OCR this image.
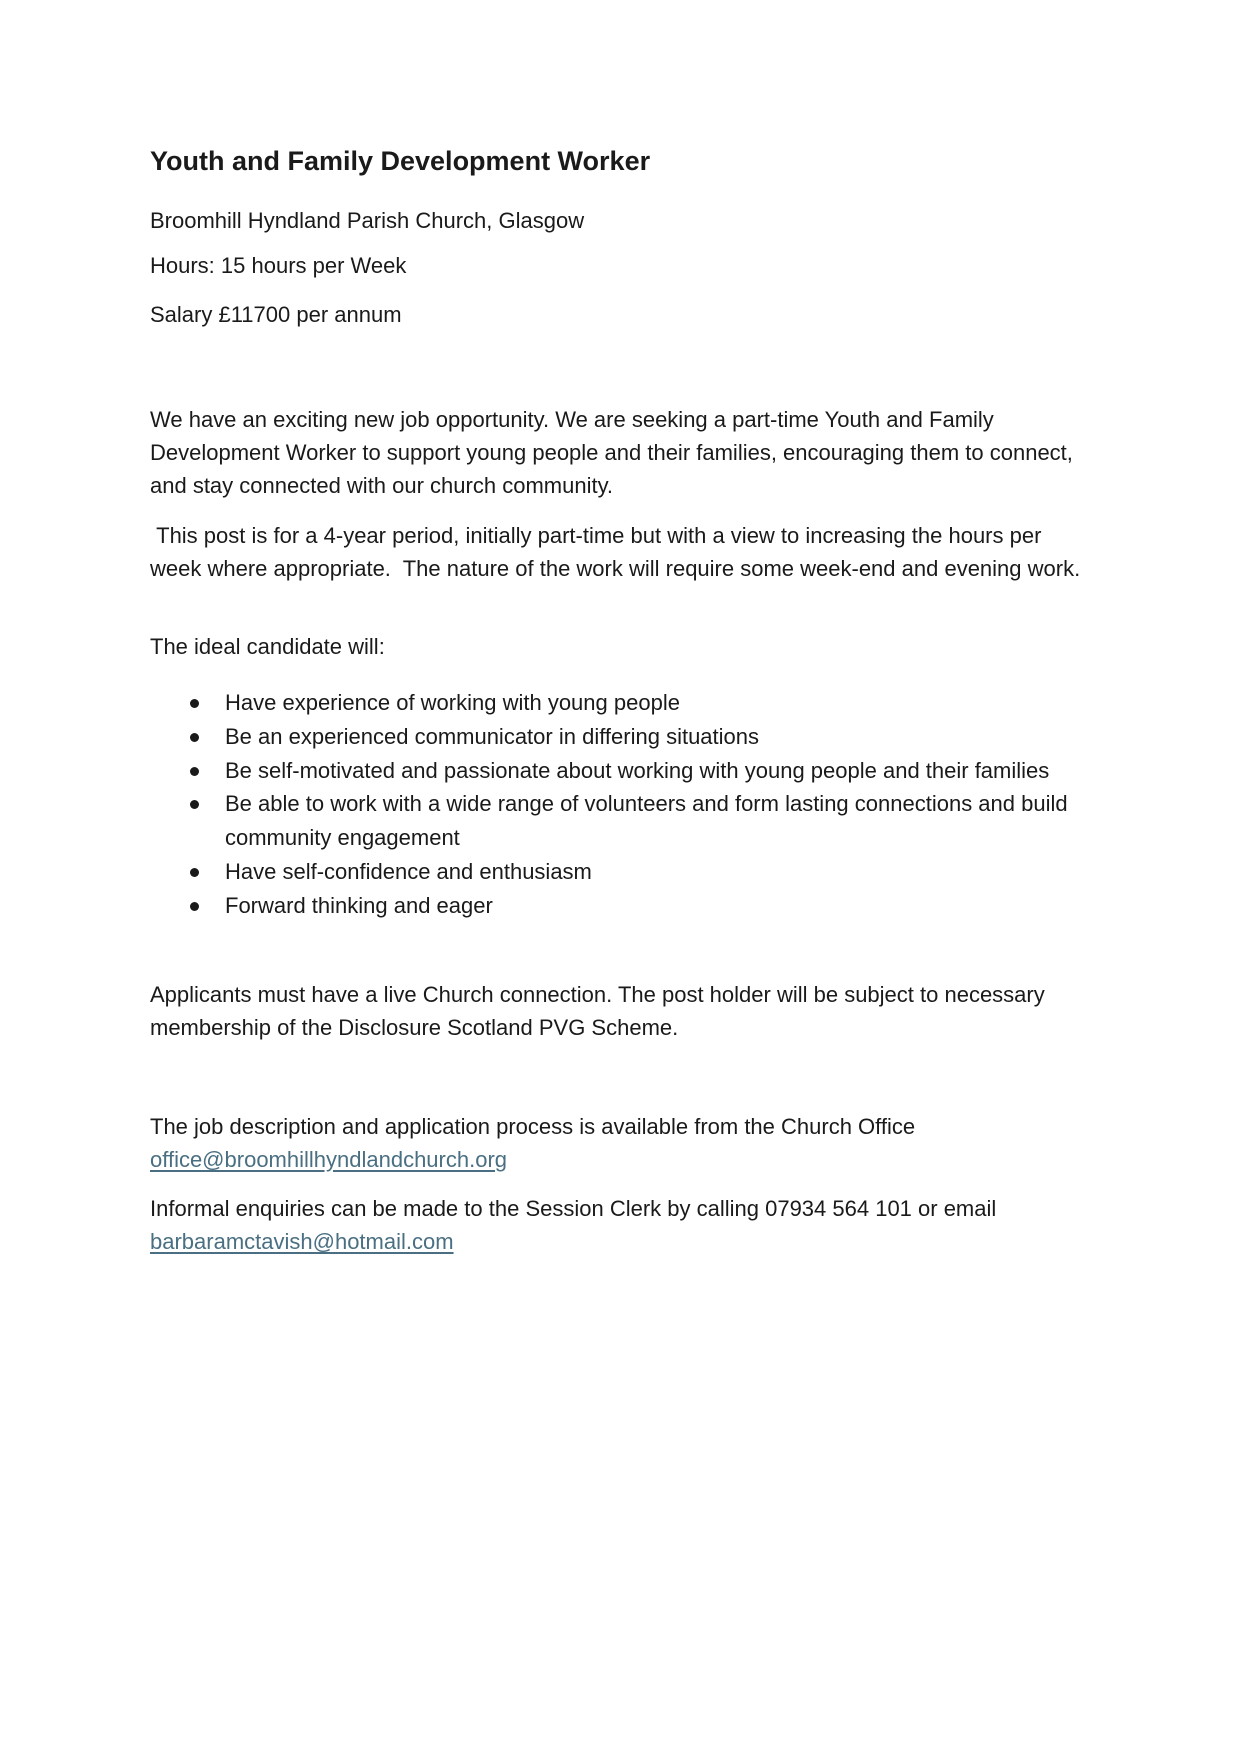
Youth and Family Development Worker

Broomhill Hyndland Parish Church, Glasgow

Hours: 15 hours per Week

Salary £11700 per annum

We have an exciting new job opportunity. We are seeking a part-time Youth and Family Development Worker to support young people and their families, encouraging them to connect, and stay connected with our church community.

This post is for a 4-year period, initially part-time but with a view to increasing the hours per week where appropriate.  The nature of the work will require some week-end and evening work.

The ideal candidate will:

Have experience of working with young people
Be an experienced communicator in differing situations
Be self-motivated and passionate about working with young people and their families
Be able to work with a wide range of volunteers and form lasting connections and build community engagement
Have self-confidence and enthusiasm
Forward thinking and eager

Applicants must have a live Church connection. The post holder will be subject to necessary membership of the Disclosure Scotland PVG Scheme.

The job description and application process is available from the Church Office
office@broomhillhyndlandchurch.org

Informal enquiries can be made to the Session Clerk by calling 07934 564 101 or email
barbaramctavish@hotmail.com
